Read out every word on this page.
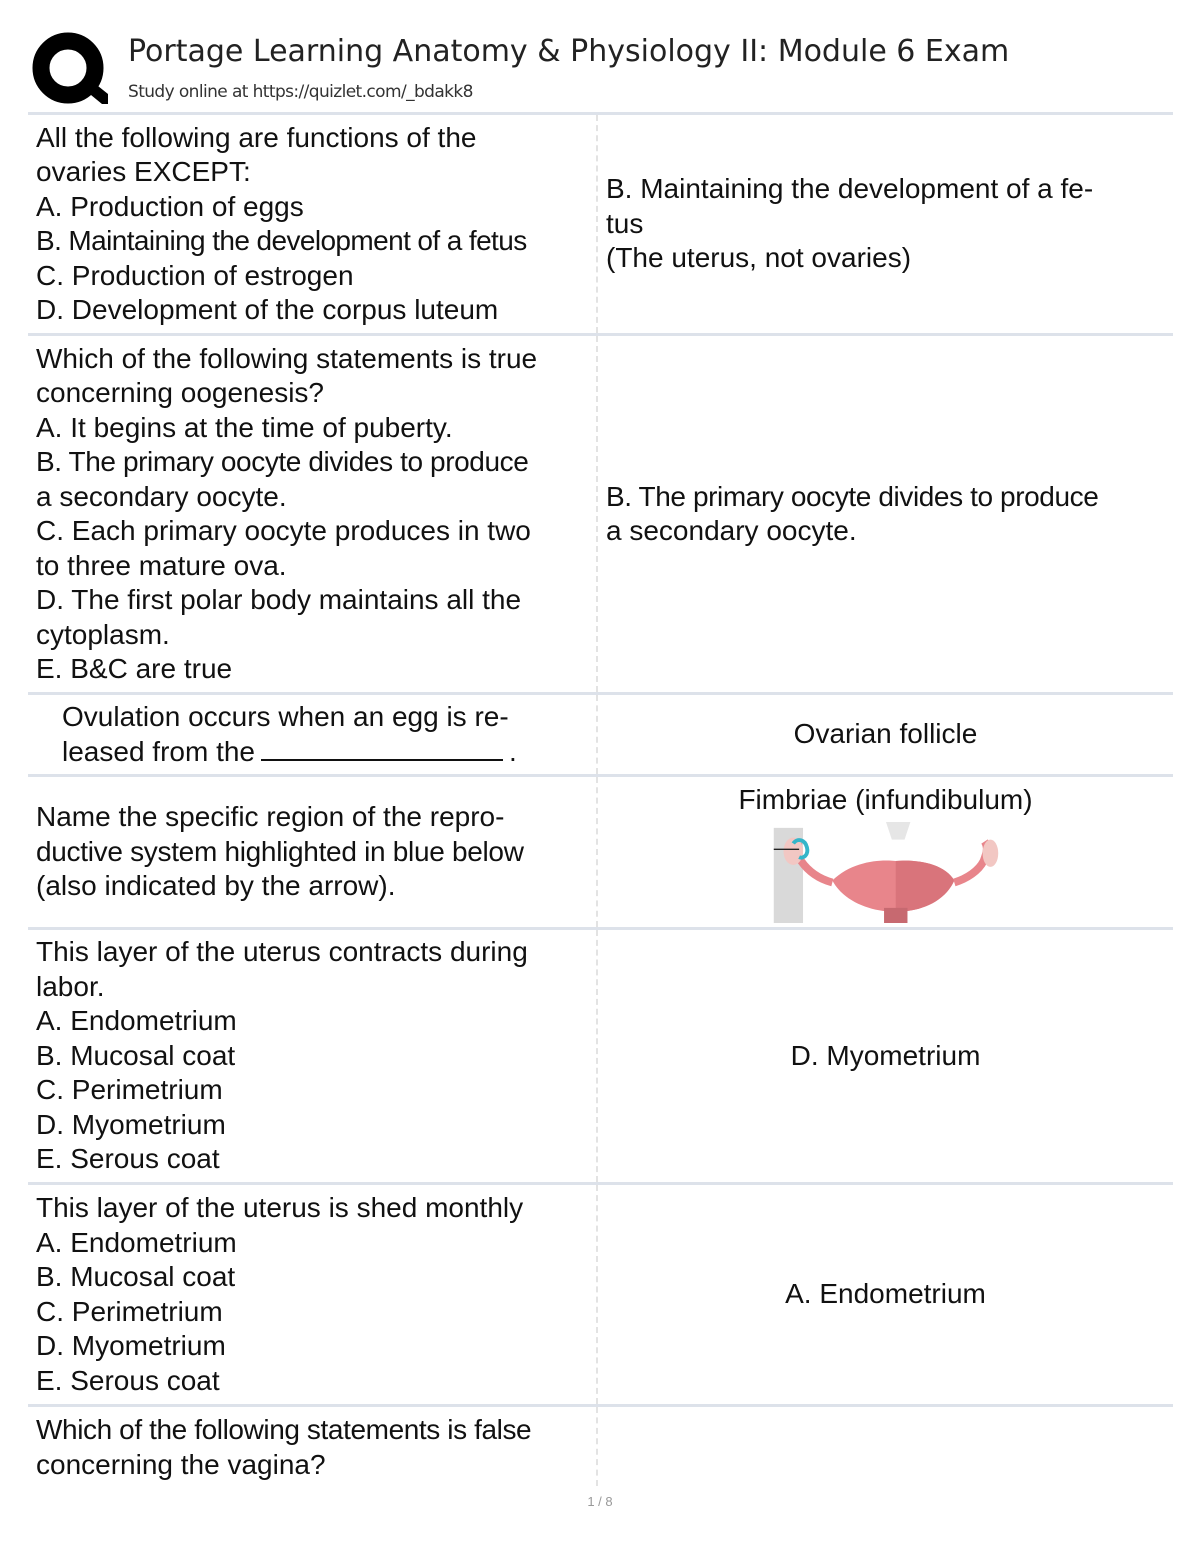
Portage Learning Anatomy & Physiology II: Module 6 Exam
Study online at https://quizlet.com/_bdakk8
All the following are functions of the
ovaries EXCEPT:
A. Production of eggs
B. Maintaining the development of a fetus
C. Production of estrogen
D. Development of the corpus luteum
B. Maintaining the development of a fe-
tus
(The uterus, not ovaries)
Which of the following statements is true
concerning oogenesis?
A. It begins at the time of puberty.
B. The primary oocyte divides to produce
a secondary oocyte.
C. Each primary oocyte produces in two
to three mature ova.
D. The first polar body maintains all the
cytoplasm.
E. B&C are true
B. The primary oocyte divides to produce
a secondary oocyte.
Ovulation occurs when an egg is re-
leased from the	.
Ovarian follicle
Name the specific region of the repro-
ductive system highlighted in blue below
(also indicated by the arrow).
Fimbriae (infundibulum)
This layer of the uterus contracts during
labor.
A. Endometrium
B. Mucosal coat
C. Perimetrium
D. Myometrium
E. Serous coat
D. Myometrium
This layer of the uterus is shed monthly
A. Endometrium
B. Mucosal coat
C. Perimetrium
D. Myometrium
E. Serous coat
A. Endometrium
Which of the following statements is false
concerning the vagina?
1 / 8
